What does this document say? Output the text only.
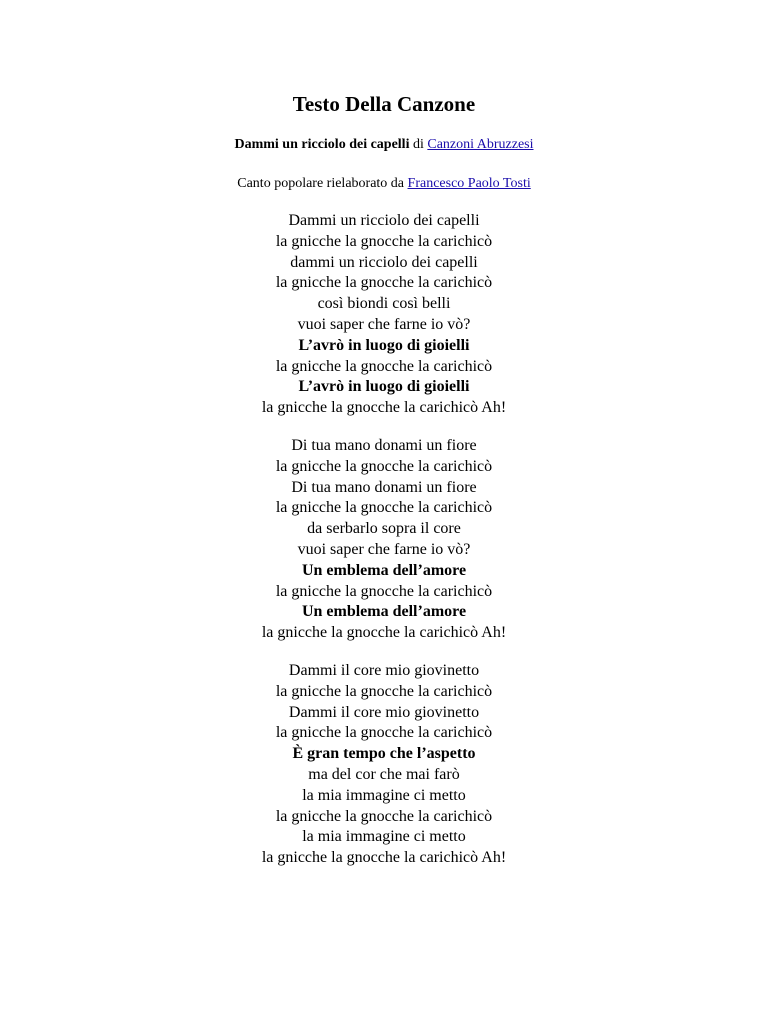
Testo Della Canzone

Dammi un ricciolo dei capelli di Canzoni Abruzzesi

Canto popolare rielaborato da Francesco Paolo Tosti

Dammi un ricciolo dei capelli
la gnicche la gnocche la carichicò
dammi un ricciolo dei capelli
la gnicche la gnocche la carichicò
così biondi così belli
vuoi saper che farne io vò?
L’avrò in luogo di gioielli
la gnicche la gnocche la carichicò
L’avrò in luogo di gioielli
la gnicche la gnocche la carichicò Ah!
Di tua mano donami un fiore
la gnicche la gnocche la carichicò
Di tua mano donami un fiore
la gnicche la gnocche la carichicò
da serbarlo sopra il core
vuoi saper che farne io vò?
Un emblema dell’amore
la gnicche la gnocche la carichicò
Un emblema dell’amore
la gnicche la gnocche la carichicò Ah!
Dammi il core mio giovinetto
la gnicche la gnocche la carichicò
Dammi il core mio giovinetto
la gnicche la gnocche la carichicò
È gran tempo che l’aspetto
ma del cor che mai farò
la mia immagine ci metto
la gnicche la gnocche la carichicò
la mia immagine ci metto
la gnicche la gnocche la carichicò Ah!
